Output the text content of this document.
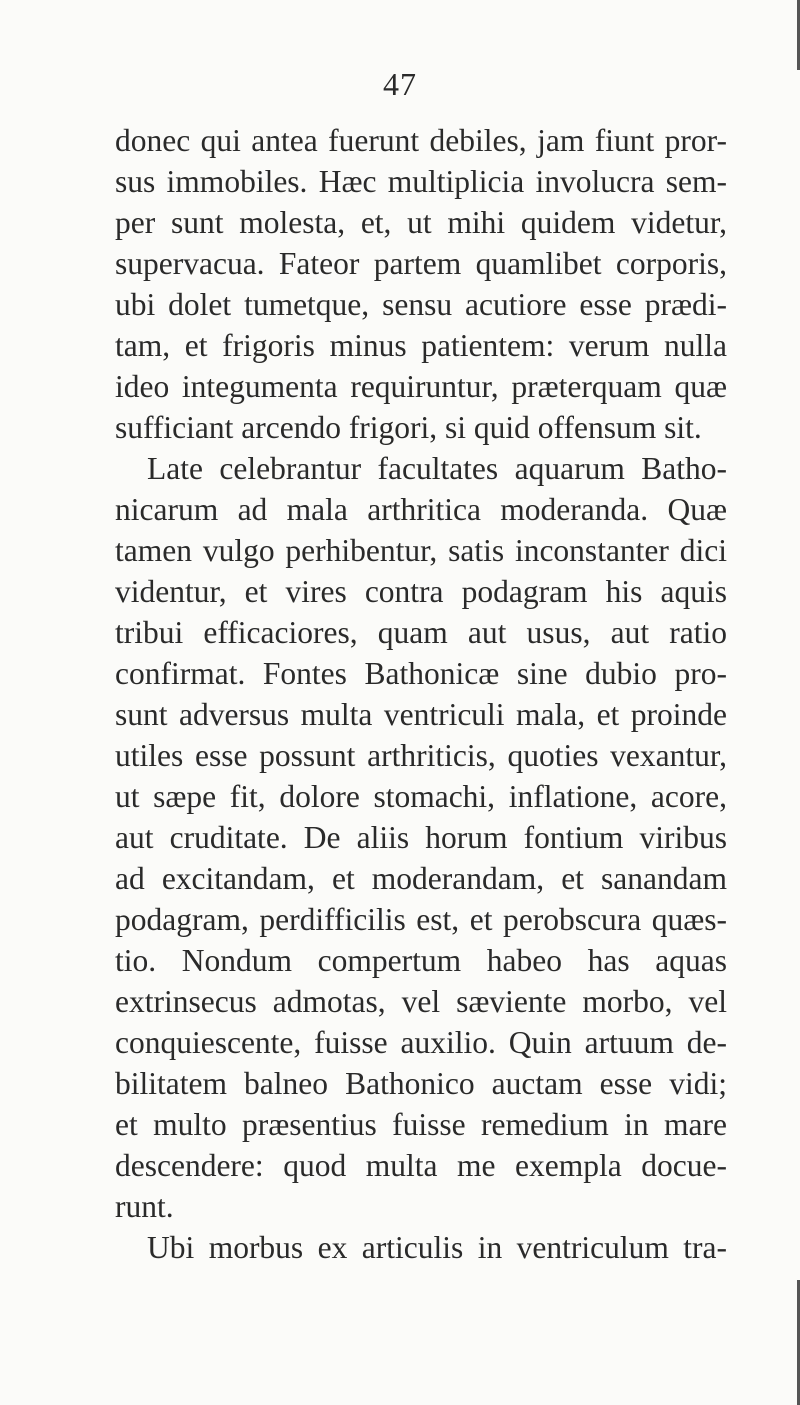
47
donec qui antea fuerunt debiles, jam fiunt pror-
sus immobiles. Hæc multiplicia involucra sem-
per sunt molesta, et, ut mihi quidem videtur,
supervacua. Fateor partem quamlibet corporis,
ubi dolet tumetque, sensu acutiore esse prædi-
tam, et frigoris minus patientem: verum nulla
ideo integumenta requiruntur, præterquam quæ
sufficiant arcendo frigori, si quid offensum sit.
Late celebrantur facultates aquarum Batho-
nicarum ad mala arthritica moderanda. Quæ
tamen vulgo perhibentur, satis inconstanter dici
videntur, et vires contra podagram his aquis
tribui efficaciores, quam aut usus, aut ratio
confirmat. Fontes Bathonicæ sine dubio pro-
sunt adversus multa ventriculi mala, et proinde
utiles esse possunt arthriticis, quoties vexantur,
ut sæpe fit, dolore stomachi, inflatione, acore,
aut cruditate. De aliis horum fontium viribus
ad excitandam, et moderandam, et sanandam
podagram, perdifficilis est, et perobscura quæs-
tio. Nondum compertum habeo has aquas
extrinsecus admotas, vel sæviente morbo, vel
conquiescente, fuisse auxilio. Quin artuum de-
bilitatem balneo Bathonico auctam esse vidi;
et multo præsentius fuisse remedium in mare
descendere: quod multa me exempla docue-
runt.
Ubi morbus ex articulis in ventriculum tra-
